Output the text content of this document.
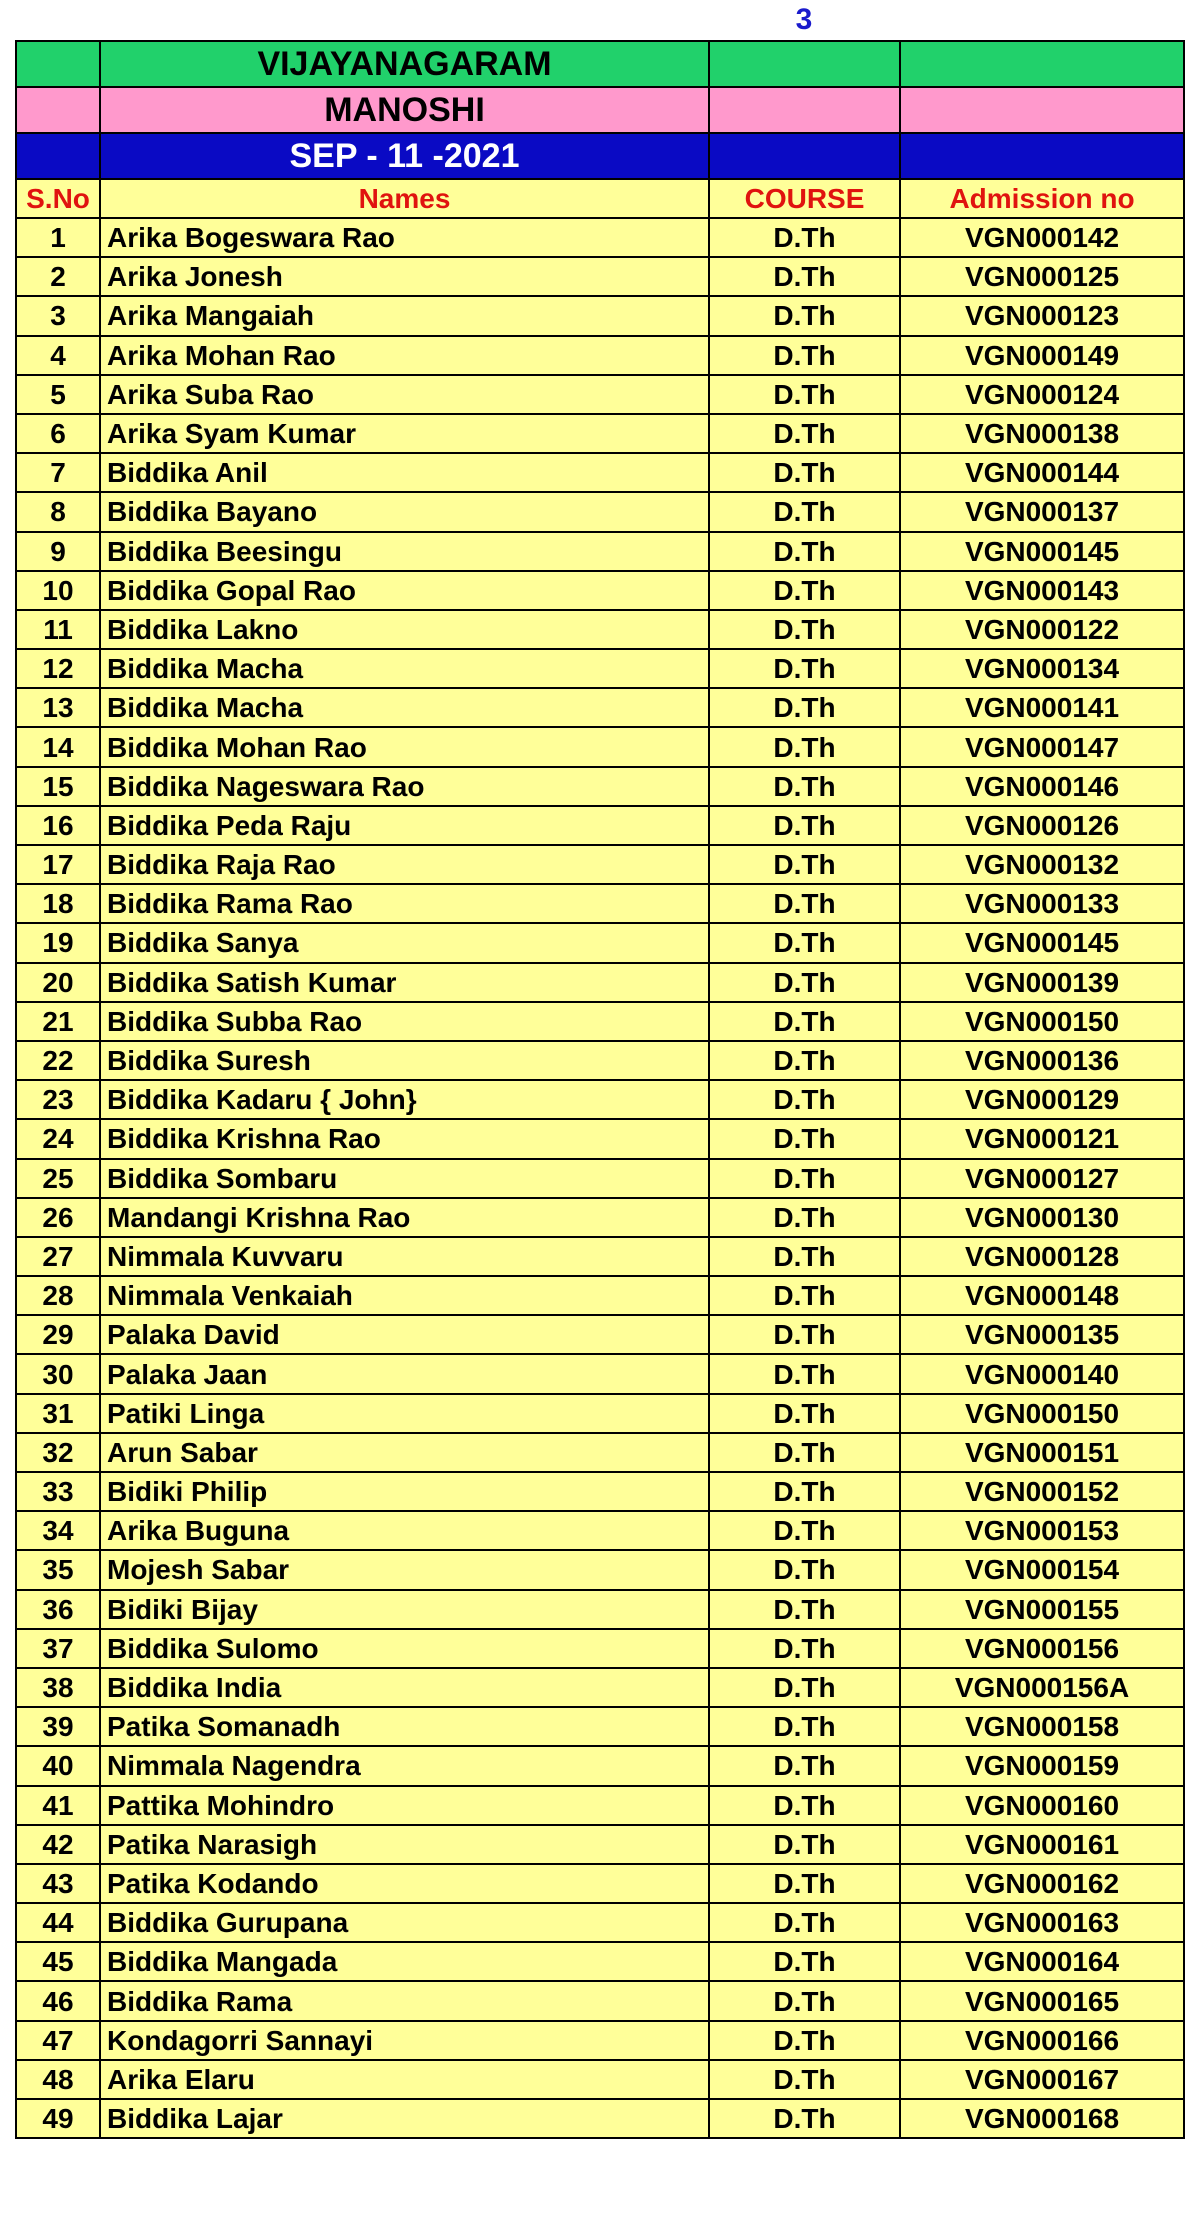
3
	VIJAYANAGARAM		
	MANOSHI		
	SEP - 11 -2021		
S.No	Names	COURSE	Admission no
1	Arika Bogeswara Rao	D.Th	VGN000142
2	Arika Jonesh	D.Th	VGN000125
3	Arika Mangaiah	D.Th	VGN000123
4	Arika Mohan Rao	D.Th	VGN000149
5	Arika Suba Rao	D.Th	VGN000124
6	Arika Syam Kumar	D.Th	VGN000138
7	Biddika Anil	D.Th	VGN000144
8	Biddika Bayano	D.Th	VGN000137
9	Biddika Beesingu	D.Th	VGN000145
10	Biddika Gopal Rao	D.Th	VGN000143
11	Biddika Lakno	D.Th	VGN000122
12	Biddika Macha	D.Th	VGN000134
13	Biddika Macha	D.Th	VGN000141
14	Biddika Mohan Rao	D.Th	VGN000147
15	Biddika Nageswara Rao	D.Th	VGN000146
16	Biddika Peda Raju	D.Th	VGN000126
17	Biddika Raja Rao	D.Th	VGN000132
18	Biddika Rama Rao	D.Th	VGN000133
19	Biddika Sanya	D.Th	VGN000145
20	Biddika Satish Kumar	D.Th	VGN000139
21	Biddika Subba Rao	D.Th	VGN000150
22	Biddika Suresh	D.Th	VGN000136
23	Biddika Kadaru { John}	D.Th	VGN000129
24	Biddika Krishna Rao	D.Th	VGN000121
25	Biddika Sombaru	D.Th	VGN000127
26	Mandangi Krishna Rao	D.Th	VGN000130
27	Nimmala Kuvvaru	D.Th	VGN000128
28	Nimmala Venkaiah	D.Th	VGN000148
29	Palaka David	D.Th	VGN000135
30	Palaka Jaan	D.Th	VGN000140
31	Patiki Linga	D.Th	VGN000150
32	Arun Sabar	D.Th	VGN000151
33	Bidiki Philip	D.Th	VGN000152
34	Arika Buguna	D.Th	VGN000153
35	Mojesh Sabar	D.Th	VGN000154
36	Bidiki Bijay	D.Th	VGN000155
37	Biddika Sulomo	D.Th	VGN000156
38	Biddika India	D.Th	VGN000156A
39	Patika Somanadh	D.Th	VGN000158
40	Nimmala Nagendra	D.Th	VGN000159
41	Pattika Mohindro	D.Th	VGN000160
42	Patika Narasigh	D.Th	VGN000161
43	Patika Kodando	D.Th	VGN000162
44	Biddika Gurupana	D.Th	VGN000163
45	Biddika Mangada	D.Th	VGN000164
46	Biddika Rama	D.Th	VGN000165
47	Kondagorri Sannayi	D.Th	VGN000166
48	Arika Elaru	D.Th	VGN000167
49	Biddika Lajar	D.Th	VGN000168
